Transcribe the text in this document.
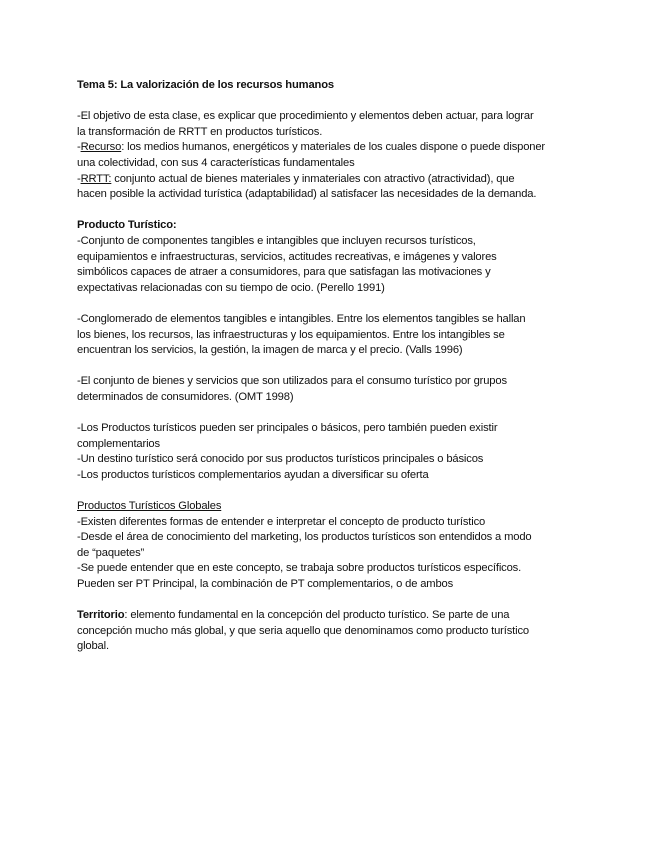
Tema 5: La valorización de los recursos humanos
-El objetivo de esta clase, es explicar que procedimiento y elementos deben actuar, para lograr
la transformación de RRTT en productos turísticos.
-Recurso: los medios humanos, energéticos y materiales de los cuales dispone o puede disponer
una colectividad, con sus 4 características fundamentales
-RRTT: conjunto actual de bienes materiales y inmateriales con atractivo (atractividad), que
hacen posible la actividad turística (adaptabilidad) al satisfacer las necesidades de la demanda.
Producto Turístico:
-Conjunto de componentes tangibles e intangibles que incluyen recursos turísticos,
equipamientos e infraestructuras, servicios, actitudes recreativas, e imágenes y valores
simbólicos capaces de atraer a consumidores, para que satisfagan las motivaciones y
expectativas relacionadas con su tiempo de ocio. (Perello 1991)
-Conglomerado de elementos tangibles e intangibles. Entre los elementos tangibles se hallan
los bienes, los recursos, las infraestructuras y los equipamientos. Entre los intangibles se
encuentran los servicios, la gestión, la imagen de marca y el precio. (Valls 1996)
-El conjunto de bienes y servicios que son utilizados para el consumo turístico por grupos
determinados de consumidores. (OMT 1998)
-Los Productos turísticos pueden ser principales o básicos, pero también pueden existir
complementarios
-Un destino turístico será conocido por sus productos turísticos principales o básicos
-Los productos turísticos complementarios ayudan a diversificar su oferta
Productos Turísticos Globales
-Existen diferentes formas de entender e interpretar el concepto de producto turístico
-Desde el área de conocimiento del marketing, los productos turísticos son entendidos a modo
de “paquetes”
-Se puede entender que en este concepto, se trabaja sobre productos turísticos específicos.
Pueden ser PT Principal, la combinación de PT complementarios, o de ambos
Territorio: elemento fundamental en la concepción del producto turístico. Se parte de una
concepción mucho más global, y que seria aquello que denominamos como producto turístico
global.
